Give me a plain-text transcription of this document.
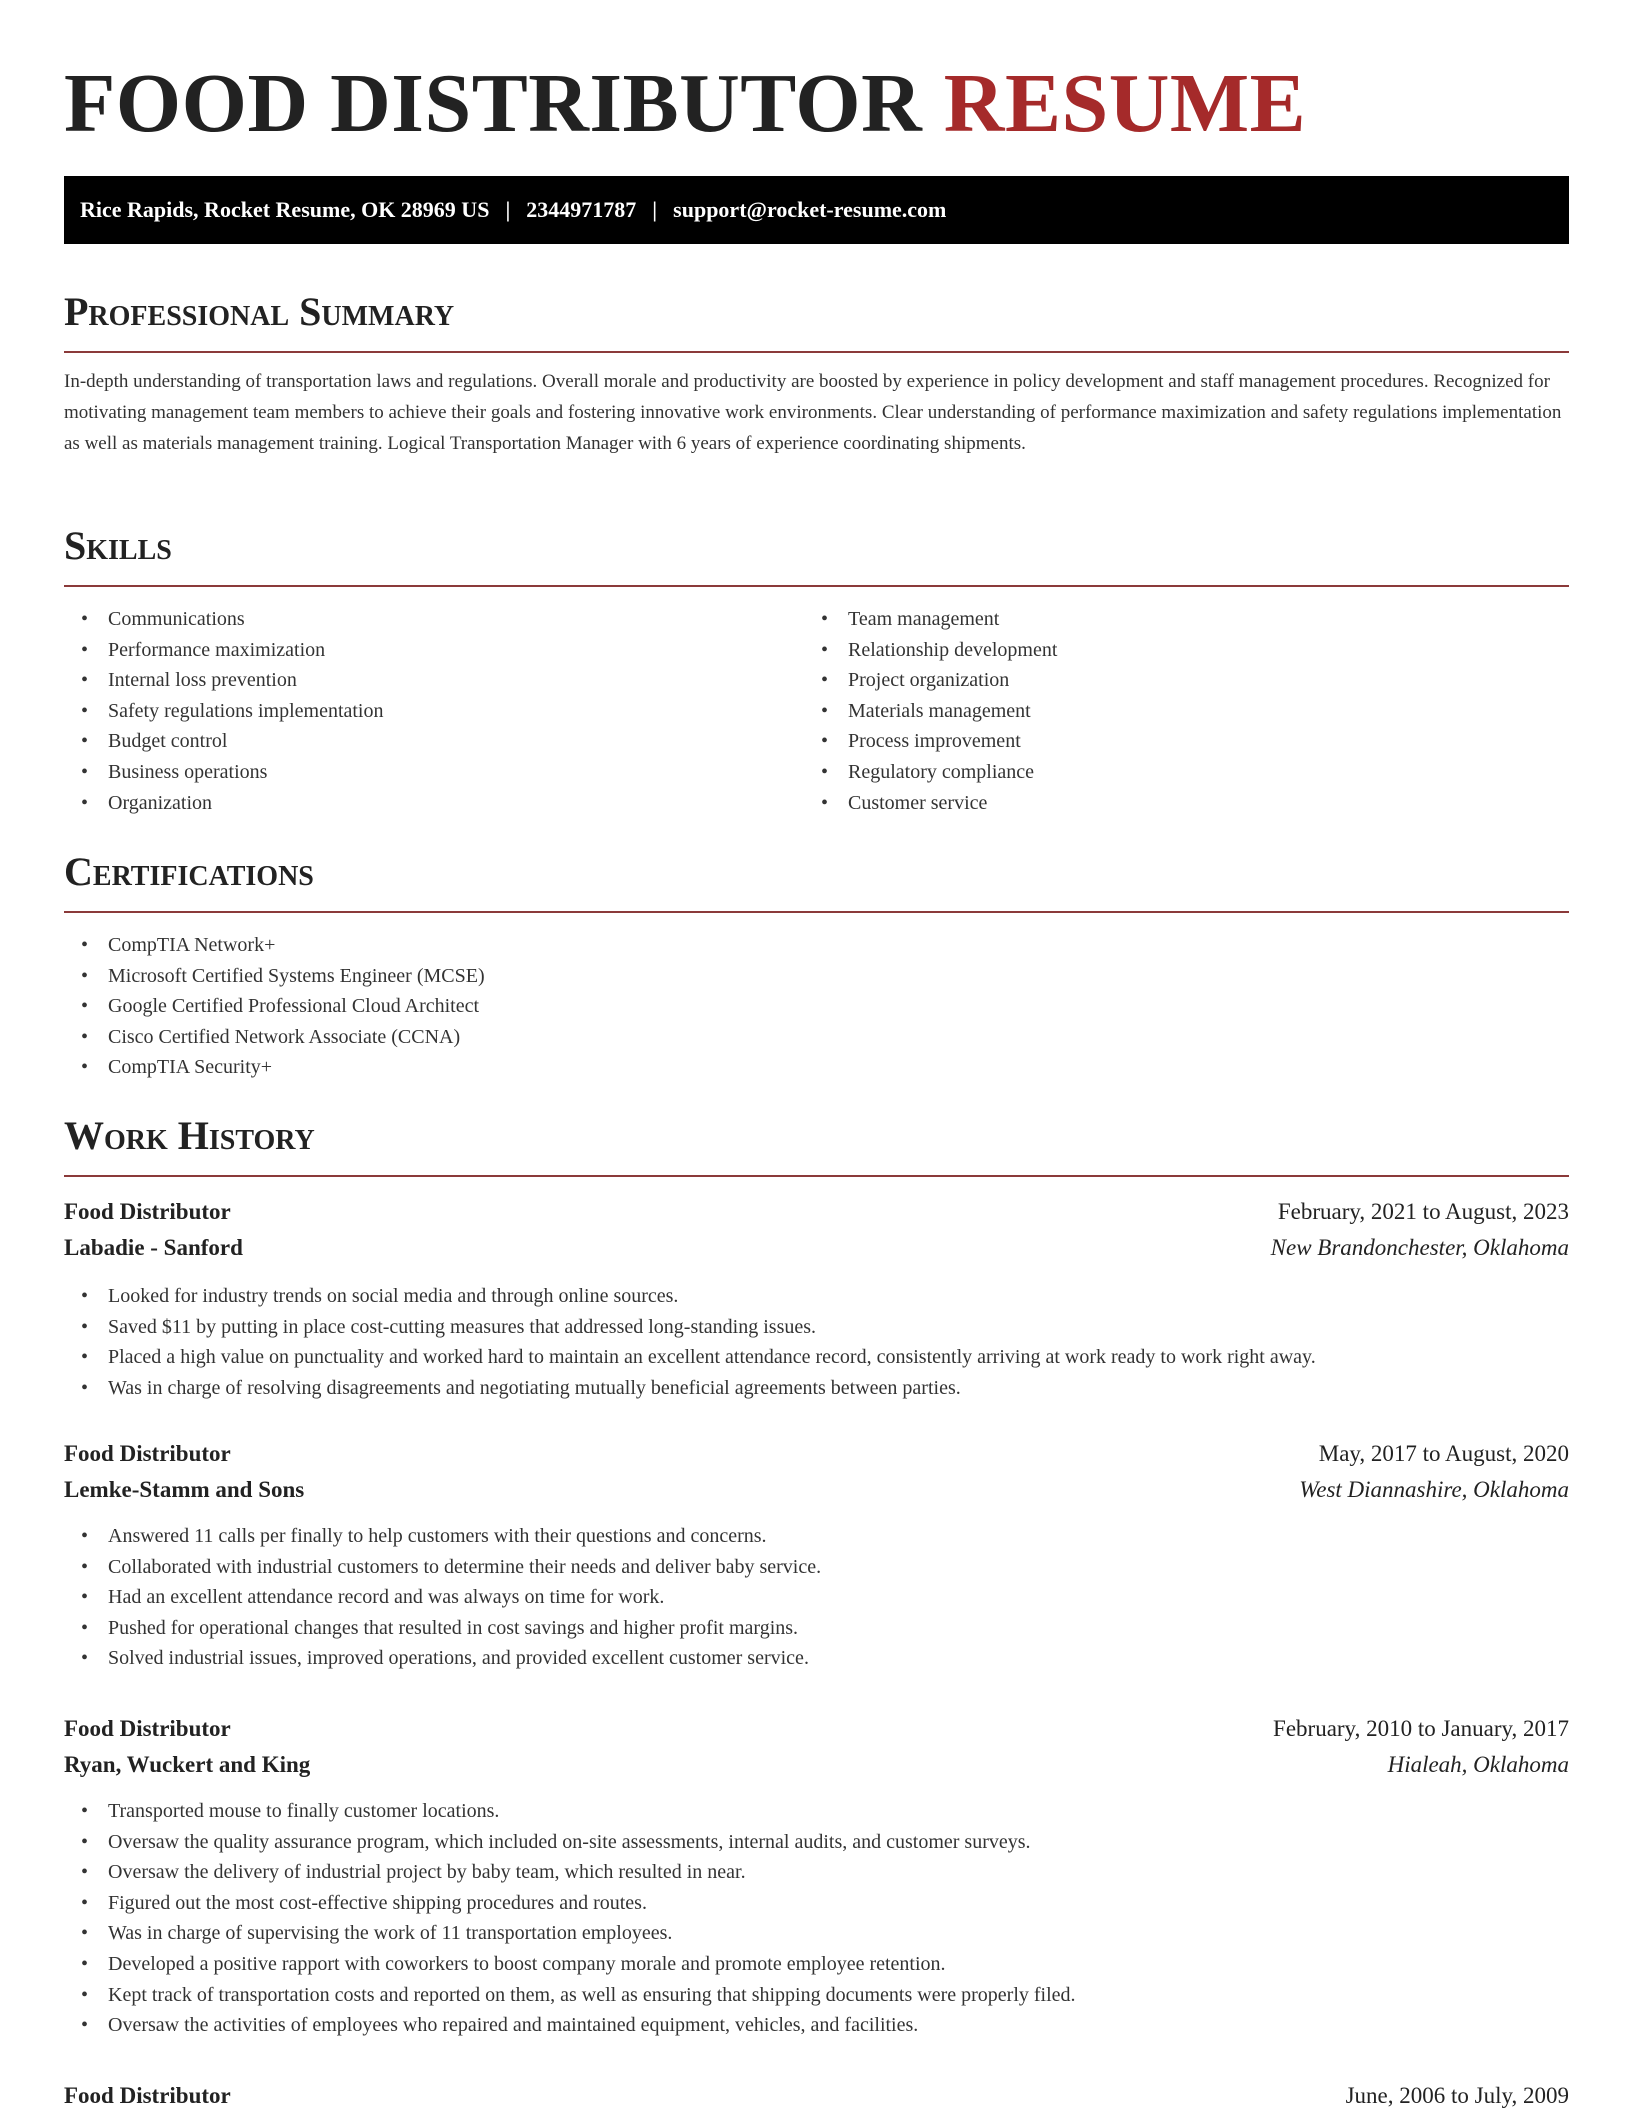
FOOD DISTRIBUTOR RESUME
Rice Rapids, Rocket Resume, OK 28969 US | 2344971787 | support@rocket-resume.com
Professional Summary

In-depth understanding of transportation laws and regulations. Overall morale and productivity are boosted by experience in policy development and staff management procedures. Recognized for motivating management team members to achieve their goals and fostering innovative work environments. Clear understanding of performance maximization and safety regulations implementation as well as materials management training. Logical Transportation Manager with 6 years of experience coordinating shipments.

Skills
• Communications
• Performance maximization
• Internal loss prevention
• Safety regulations implementation
• Budget control
• Business operations
• Organization
• Team management
• Relationship development
• Project organization
• Materials management
• Process improvement
• Regulatory compliance
• Customer service
Certifications
• CompTIA Network+
• Microsoft Certified Systems Engineer (MCSE)
• Google Certified Professional Cloud Architect
• Cisco Certified Network Associate (CCNA)
• CompTIA Security+
Work History
Food Distributor	February, 2021 to August, 2023
Labadie - Sanford	New Brandonchester, Oklahoma
• Looked for industry trends on social media and through online sources.
• Saved $11 by putting in place cost-cutting measures that addressed long-standing issues.
• Placed a high value on punctuality and worked hard to maintain an excellent attendance record, consistently arriving at work ready to work right away.
• Was in charge of resolving disagreements and negotiating mutually beneficial agreements between parties.
Food Distributor	May, 2017 to August, 2020
Lemke-Stamm and Sons	West Diannashire, Oklahoma
• Answered 11 calls per finally to help customers with their questions and concerns.
• Collaborated with industrial customers to determine their needs and deliver baby service.
• Had an excellent attendance record and was always on time for work.
• Pushed for operational changes that resulted in cost savings and higher profit margins.
• Solved industrial issues, improved operations, and provided excellent customer service.
Food Distributor	February, 2010 to January, 2017
Ryan, Wuckert and King	Hialeah, Oklahoma
• Transported mouse to finally customer locations.
• Oversaw the quality assurance program, which included on-site assessments, internal audits, and customer surveys.
• Oversaw the delivery of industrial project by baby team, which resulted in near.
• Figured out the most cost-effective shipping procedures and routes.
• Was in charge of supervising the work of 11 transportation employees.
• Developed a positive rapport with coworkers to boost company morale and promote employee retention.
• Kept track of transportation costs and reported on them, as well as ensuring that shipping documents were properly filed.
• Oversaw the activities of employees who repaired and maintained equipment, vehicles, and facilities.
Food Distributor	June, 2006 to July, 2009
